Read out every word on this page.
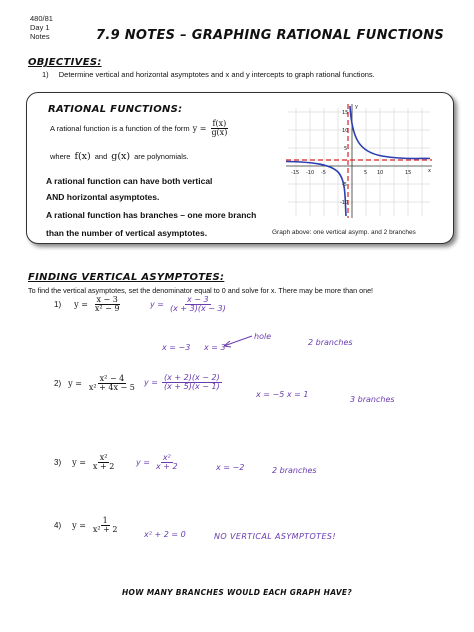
480/81
Day 1
Notes	7.9 NOTES – GRAPHING RATIONAL FUNCTIONS
OBJECTIVES:
1) Determine vertical and horizontal asymptotes and x and y intercepts to graph rational functions.
RATIONAL FUNCTIONS:
A rational function is a function of the form $y = \frac{f(x)}{g(x)}$
where f(x) and g(x) are polynomials.
A rational function can have both vertical
AND horizontal asymptotes.
A rational function has branches – one more branch
than the number of vertical asymptotes.
-15 -10 -5	5 10	15
15
10
5
-5
-10
x
y
Graph above: one vertical asymp. and 2 branches
FINDING VERTICAL ASYMPTOTES:
To find the vertical asymptotes, set the denominator equal to 0 and solve for x. There may be more than one!
1) $y = \frac{x - 3}{\text{x² − 9}}$	$y = \frac{x - 3}{(x + 3)(x - 3)}$
x = −3 x = 3
hole
2 branches
2) $y = \frac{\text{x² − 4}}{\text{x² + 4x − 5}}$ $y = \frac{(x + 2)(x - 2)}{(x + 5)(x - 1)}$
x = −5 x = 1
3 branches
3) $y = \frac{\text{x²}}{x + 2}$ $y = \frac{\text{x²}}{x + 2}$	x = −2	2 branches
4) $y = \frac{1}{\text{x² + 2}}$	x² + 2 = 0	NO VERTICAL ASYMPTOTES!
HOW MANY BRANCHES WOULD EACH GRAPH HAVE?
